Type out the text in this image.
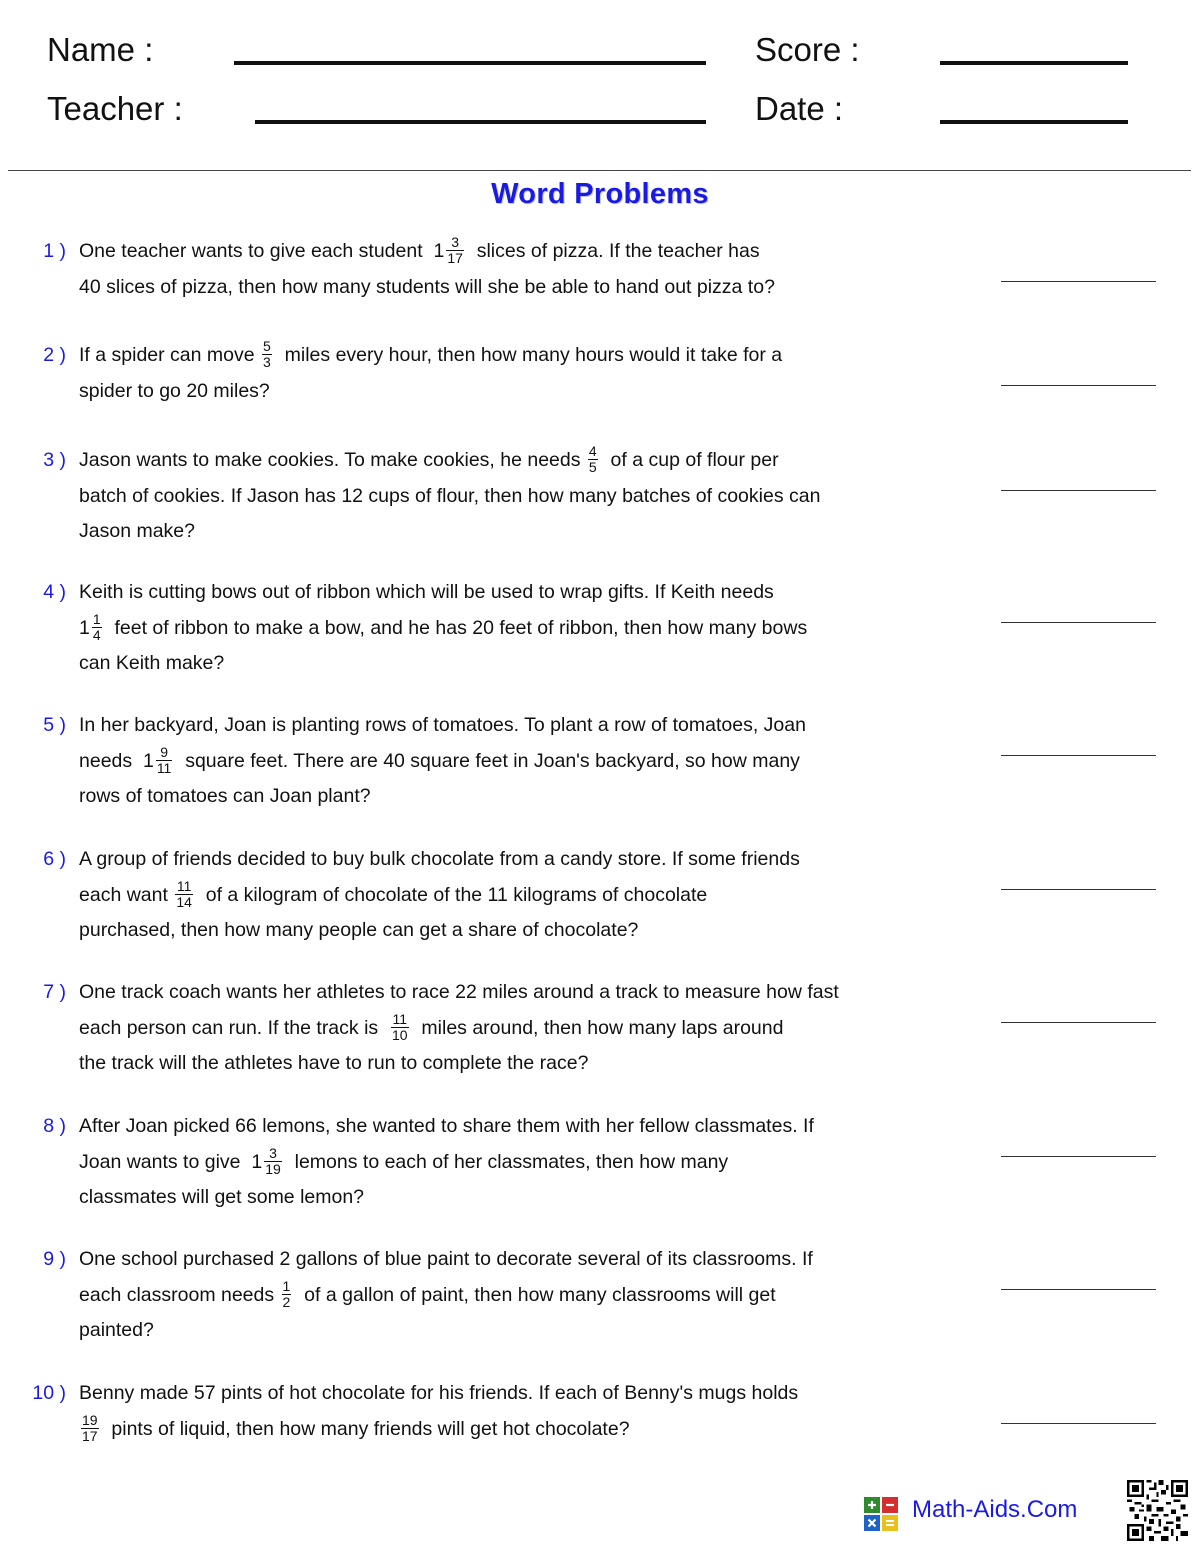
Name :
Teacher :
Score :
Date :
Word Problems
1 ) One teacher wants to give each student  $1 \frac{3}{17}$ slices of pizza. If the teacher has
40 slices of pizza, then how many students will she be able to hand out pizza to?
2 ) If a spider can move $\frac{5}{3}$ miles every hour, then how many hours would it take for a
spider to go 20 miles?
3 ) Jason wants to make cookies. To make cookies, he needs $\frac{4}{5}$ of a cup of flour per
batch of cookies. If Jason has 12 cups of flour, then how many batches of cookies can
Jason make?
4 ) Keith is cutting bows out of ribbon which will be used to wrap gifts. If Keith needs
$1 \frac{1}{4}$ feet of ribbon to make a bow, and he has 20 feet of ribbon, then how many bows
can Keith make?
5 ) In her backyard, Joan is planting rows of tomatoes. To plant a row of tomatoes, Joan
needs  $1 \frac{9}{11}$ square feet. There are 40 square feet in Joan's backyard, so how many
rows of tomatoes can Joan plant?
6 ) A group of friends decided to buy bulk chocolate from a candy store. If some friends
each want $\frac{11}{14}$ of a kilogram of chocolate of the 11 kilograms of chocolate
purchased, then how many people can get a share of chocolate?
7 ) One track coach wants her athletes to race 22 miles around a track to measure how fast
each person can run. If the track is $\frac{11}{10}$ miles around, then how many laps around
the track will the athletes have to run to complete the race?
8 ) After Joan picked 66 lemons, she wanted to share them with her fellow classmates. If
Joan wants to give  $1 \frac{3}{19}$ lemons to each of her classmates, then how many
classmates will get some lemon?
9 ) One school purchased 2 gallons of blue paint to decorate several of its classrooms. If
each classroom needs $\frac{1}{2}$ of a gallon of paint, then how many classrooms will get
painted?
10 ) Benny made 57 pints of hot chocolate for his friends. If each of Benny's mugs holds
$\frac{19}{17}$ pints of liquid, then how many friends will get hot chocolate?
Math-Aids.Com
